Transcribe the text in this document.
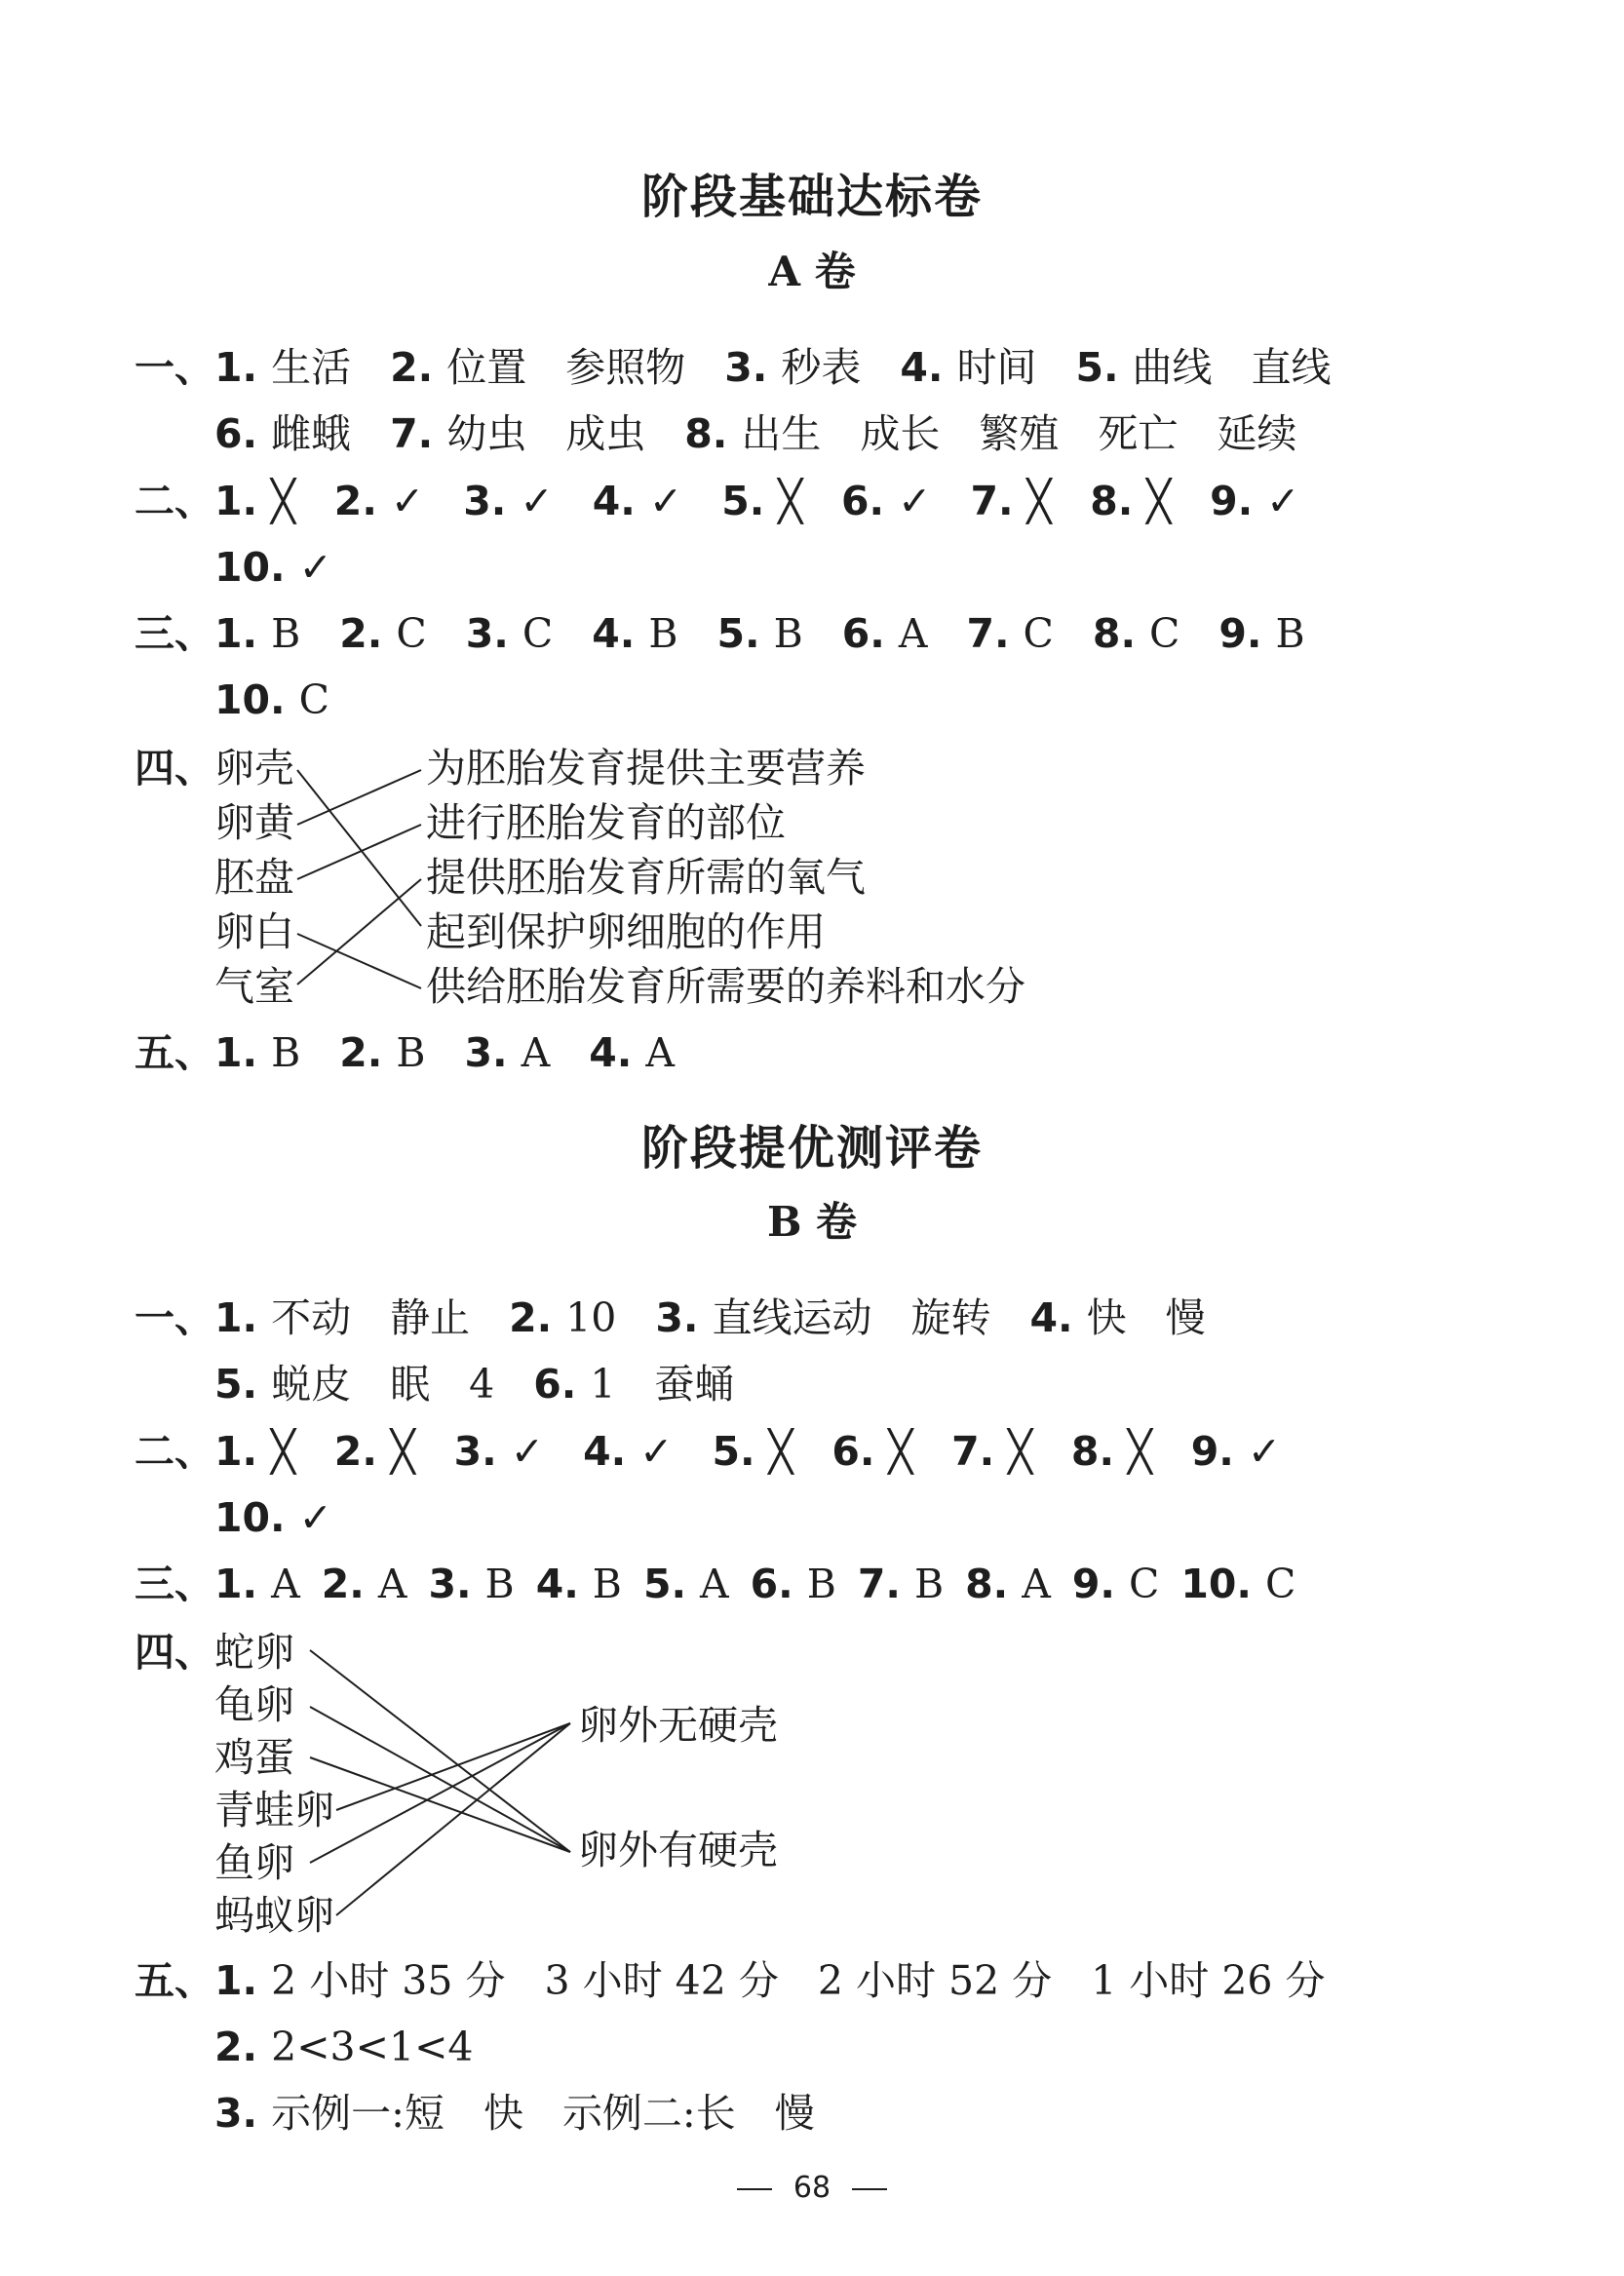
阶段基础达标卷
A 卷
一、1. 生活 2. 位置 参照物 3. 秒表 4. 时间 5. 曲线 直线
6. 雌蛾 7. 幼虫 成虫 8. 出生 成长 繁殖 死亡 延续
二、1. ╳ 2. ✓ 3. ✓ 4. ✓ 5. ╳ 6. ✓ 7. ╳ 8. ╳ 9. ✓
10. ✓
三、1. B 2. C 3. C 4. B 5. B 6. A 7. C 8. C 9. B
10. C
四、 卵壳
卵黄
胚盘
卵白
气室
为胚胎发育提供主要营养
进行胚胎发育的部位
提供胚胎发育所需的氧气
起到保护卵细胞的作用
供给胚胎发育所需要的养料和水分
五、1. B 2. B 3. A 4. A
阶段提优测评卷
B 卷
一、1. 不动 静止 2. 10 3. 直线运动 旋转 4. 快 慢
5. 蜕皮 眠 4 6. 1 蚕蛹
二、1. ╳ 2. ╳ 3. ✓ 4. ✓ 5. ╳ 6. ╳ 7. ╳ 8. ╳ 9. ✓
10. ✓
三、1. A 2. A 3. B 4. B 5. A 6. B 7. B 8. A 9. C 10. C
四、 蛇卵
龟卵
鸡蛋
青蛙卵
鱼卵
蚂蚁卵
卵外无硬壳
卵外有硬壳
五、1. 2 小时 35 分 3 小时 42 分 2 小时 52 分 1 小时 26 分
2. 2<3<1<4
3. 示例一:短 快 示例二:长 慢
68
